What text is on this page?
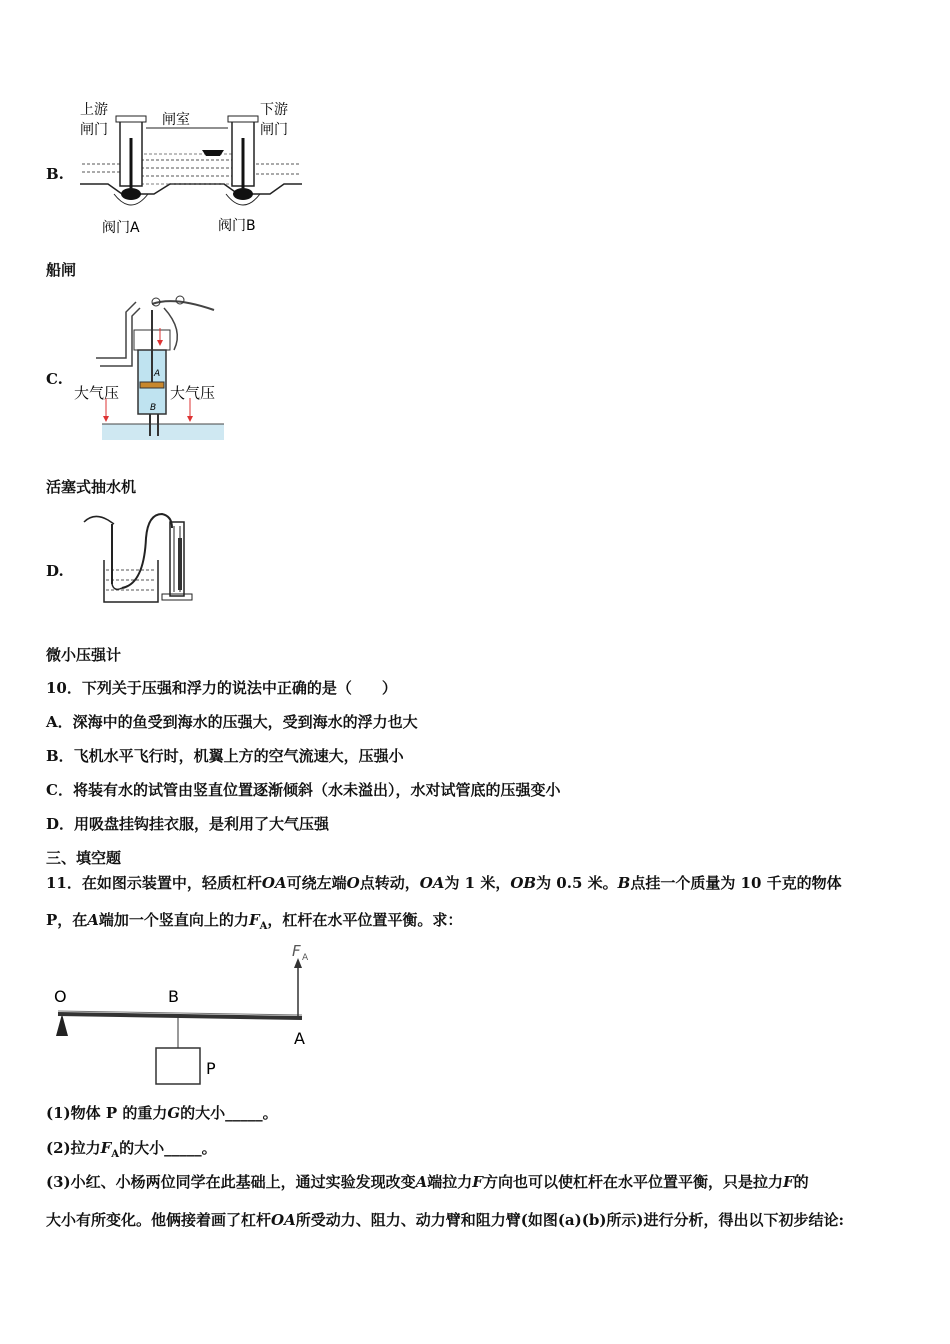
B.
上游
闸门
闸室
下游
闸门
阀门A	阀门B
船闸
C.
大气压	大气压
A
B
活塞式抽水机
D.
微小压强计
10．下列关于压强和浮力的说法中正确的是（　　）
A．深海中的鱼受到海水的压强大，受到海水的浮力也大
B．飞机水平飞行时，机翼上方的空气流速大，压强小
C．将装有水的试管由竖直位置逐渐倾斜（水未溢出），水对试管底的压强变小
D．用吸盘挂钩挂衣服，是利用了大气压强
三、填空题
11．在如图示装置中，轻质杠杆OA可绕左端O点转动，OA为 1 米，OB为 0.5 米。B点挂一个质量为 10 千克的物体
P，在A端加一个竖直向上的力$F_A$，杠杆在水平位置平衡。求：
O	B
A
F A
P
(1)物体 P 的重力G的大小_____。
(2)拉力$F_A$的大小_____。
(3)小红、小杨两位同学在此基础上，通过实验发现改变A端拉力F方向也可以使杠杆在水平位置平衡，只是拉力F的
大小有所变化。他俩接着画了杠杆OA所受动力、阻力、动力臂和阻力臂(如图(a)(b)所示)进行分析，得出以下初步结论:
